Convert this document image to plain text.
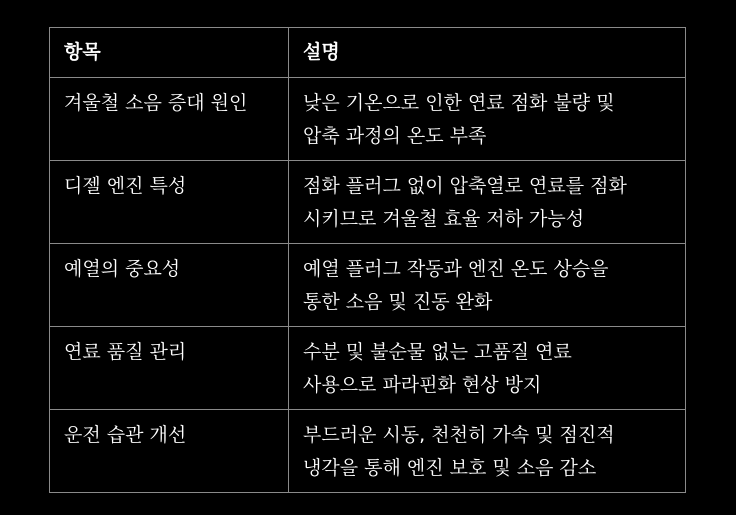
항목	설명
겨울철 소음 증대 원인	낮은 기온으로 인한 연료 점화 불량 및
압축 과정의 온도 부족

디젤 엔진 특성	점화 플러그 없이 압축열로 연료를 점화
시키므로 겨울철 효율 저하 가능성

예열의 중요성	예열 플러그 작동과 엔진 온도 상승을
통한 소음 및 진동 완화

연료 품질 관리	수분 및 불순물 없는 고품질 연료
사용으로 파라핀화 현상 방지

운전 습관 개선	부드러운 시동, 천천히 가속 및 점진적
냉각을 통해 엔진 보호 및 소음 감소
